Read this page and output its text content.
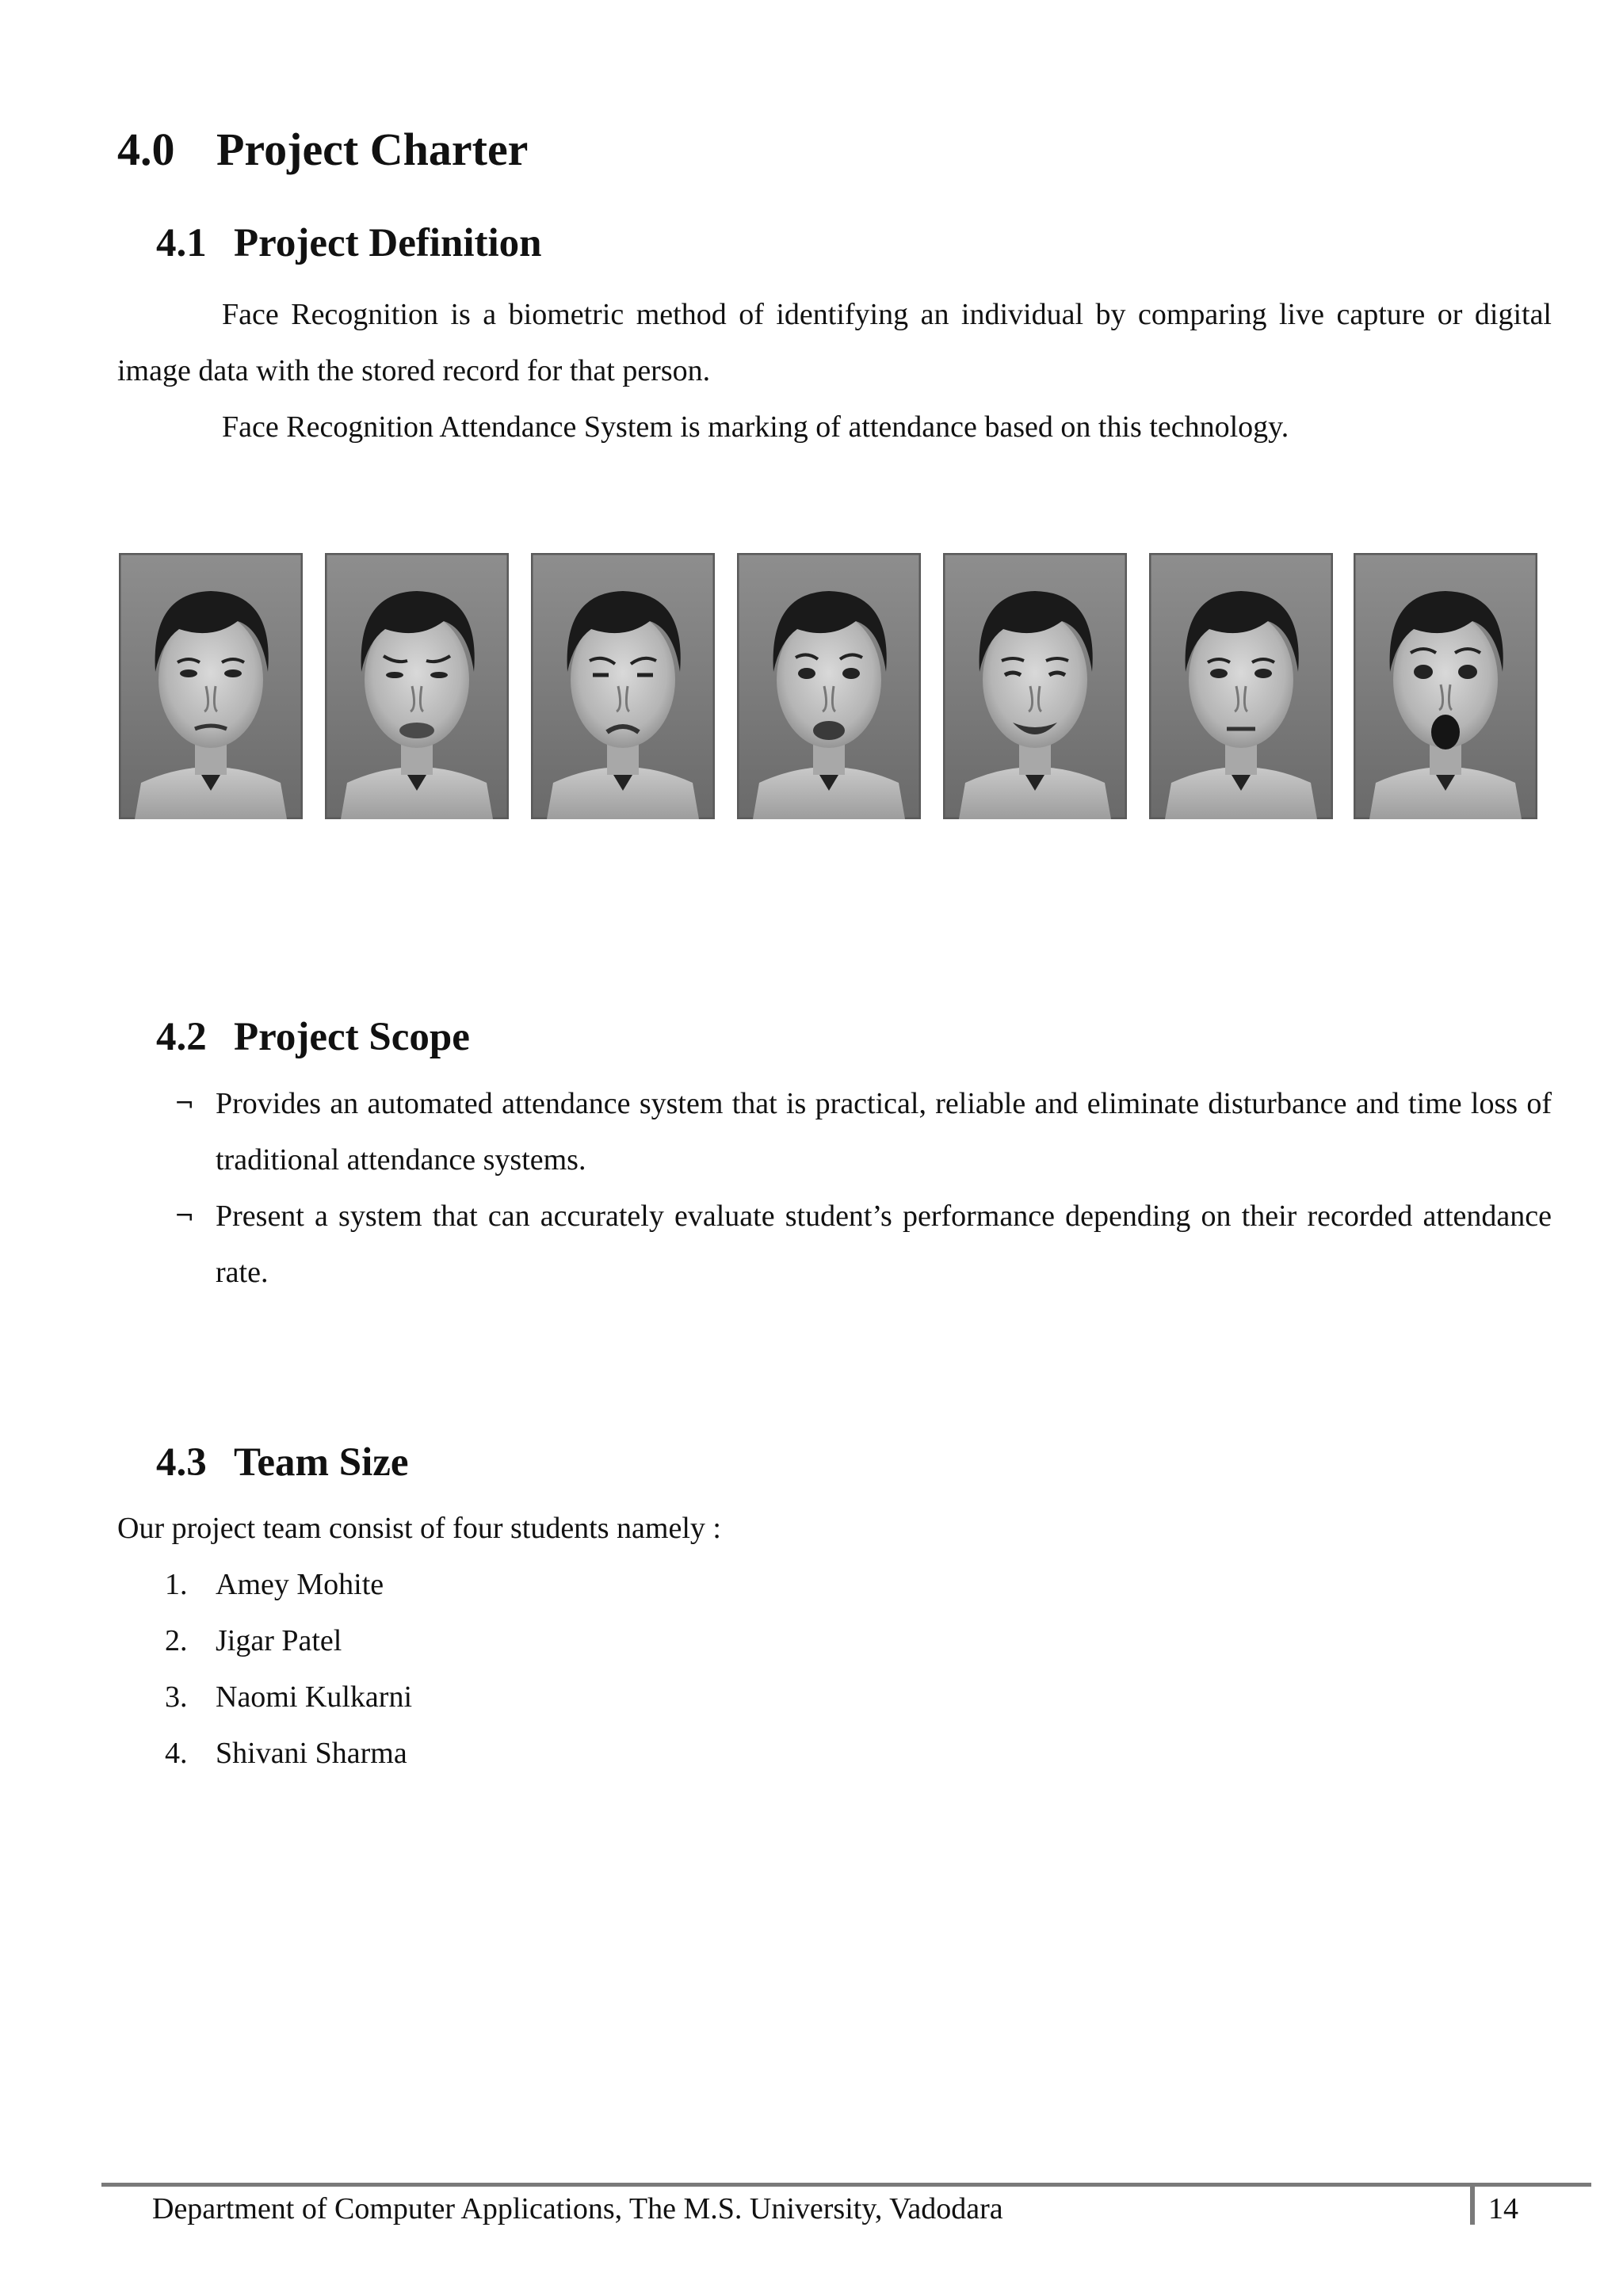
4.0 Project Charter
4.1 Project Definition
Face Recognition is a biometric method of identifying an individual by comparing live capture or digital image data with the stored record for that person.
Face Recognition Attendance System is marking of attendance based on this technology.
4.2 Project Scope
¬ Provides an automated attendance system that is practical, reliable and eliminate disturbance and time loss of traditional attendance systems.
¬ Present a system that can accurately evaluate student’s performance depending on their recorded attendance rate.
4.3 Team Size
Our project team consist of four students namely :
1. Amey Mohite
2. Jigar Patel
3. Naomi Kulkarni
4. Shivani Sharma
Department of Computer Applications, The M.S. University, Vadodara	14
